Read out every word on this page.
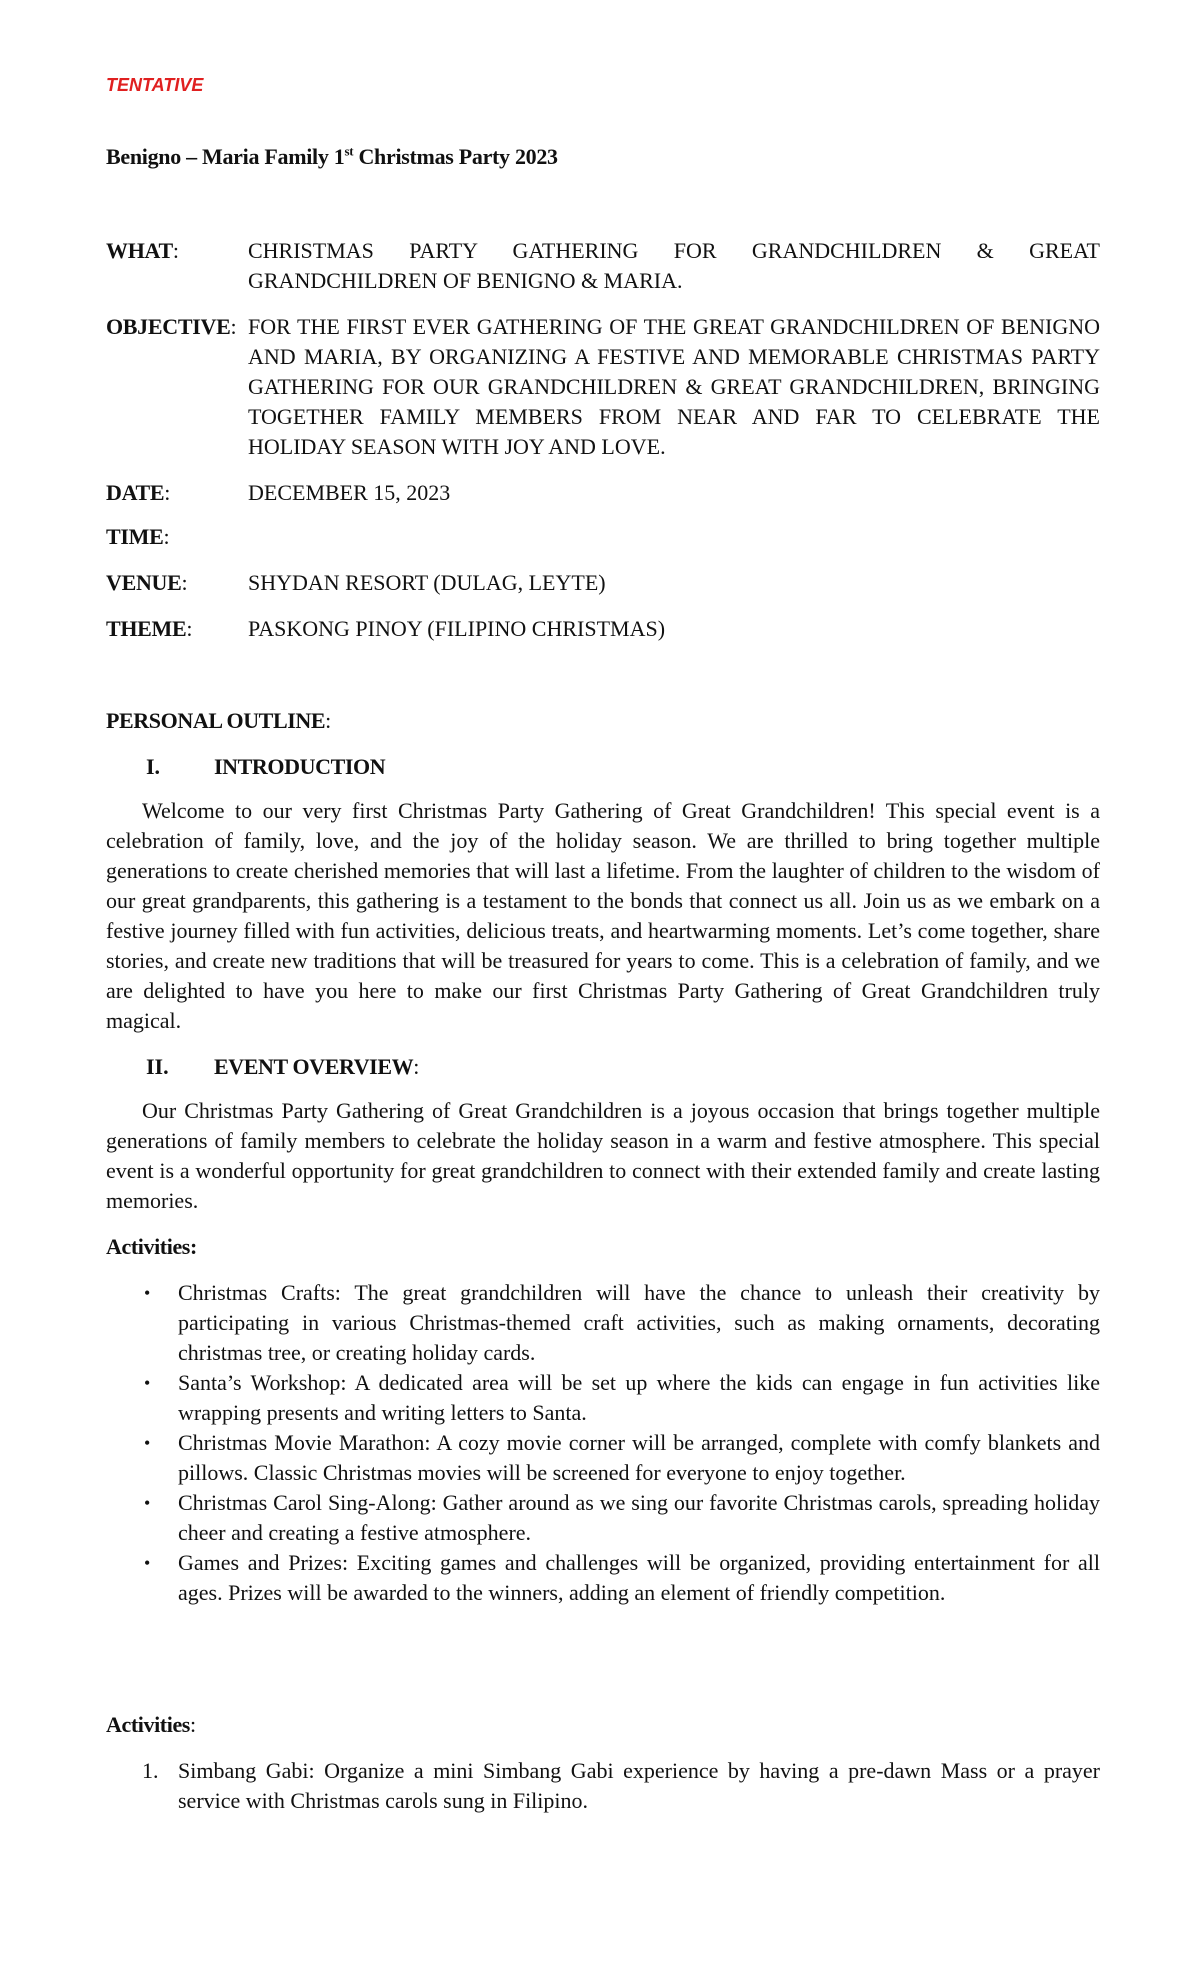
TENTATIVE
Benigno – Maria Family 1st Christmas Party 2023
WHAT:	CHRISTMAS PARTY GATHERING FOR GRANDCHILDREN & GREAT GRANDCHILDREN OF BENIGNO & MARIA.
OBJECTIVE: FOR THE FIRST EVER GATHERING OF THE GREAT GRANDCHILDREN OF BENIGNO AND MARIA, BY ORGANIZING A FESTIVE AND MEMORABLE CHRISTMAS PARTY GATHERING FOR OUR GRANDCHILDREN & GREAT GRANDCHILDREN, BRINGING TOGETHER FAMILY MEMBERS FROM NEAR AND FAR TO CELEBRATE THE HOLIDAY SEASON WITH JOY AND LOVE.
DATE:	DECEMBER 15, 2023
TIME:
VENUE:	SHYDAN RESORT (DULAG, LEYTE)
THEME:	PASKONG PINOY (FILIPINO CHRISTMAS)
PERSONAL OUTLINE:
I. INTRODUCTION
Welcome to our very first Christmas Party Gathering of Great Grandchildren! This special event is a celebration of family, love, and the joy of the holiday season. We are thrilled to bring together multiple generations to create cherished memories that will last a lifetime. From the laughter of children to the wisdom of our great grandparents, this gathering is a testament to the bonds that connect us all. Join us as we embark on a festive journey filled with fun activities, delicious treats, and heartwarming moments. Let’s come together, share stories, and create new traditions that will be treasured for years to come. This is a celebration of family, and we are delighted to have you here to make our first Christmas Party Gathering of Great Grandchildren truly magical.
II. EVENT OVERVIEW:
Our Christmas Party Gathering of Great Grandchildren is a joyous occasion that brings together multiple generations of family members to celebrate the holiday season in a warm and festive atmosphere. This special event is a wonderful opportunity for great grandchildren to connect with their extended family and create lasting memories.
Activities:
• Christmas Crafts: The great grandchildren will have the chance to unleash their creativity by participating in various Christmas-themed craft activities, such as making ornaments, decorating christmas tree, or creating holiday cards.
• Santa’s Workshop: A dedicated area will be set up where the kids can engage in fun activities like wrapping presents and writing letters to Santa.
• Christmas Movie Marathon: A cozy movie corner will be arranged, complete with comfy blankets and pillows. Classic Christmas movies will be screened for everyone to enjoy together.
• Christmas Carol Sing-Along: Gather around as we sing our favorite Christmas carols, spreading holiday cheer and creating a festive atmosphere.
• Games and Prizes: Exciting games and challenges will be organized, providing entertainment for all ages. Prizes will be awarded to the winners, adding an element of friendly competition.
Activities:
1. Simbang Gabi: Organize a mini Simbang Gabi experience by having a pre-dawn Mass or a prayer service with Christmas carols sung in Filipino.
